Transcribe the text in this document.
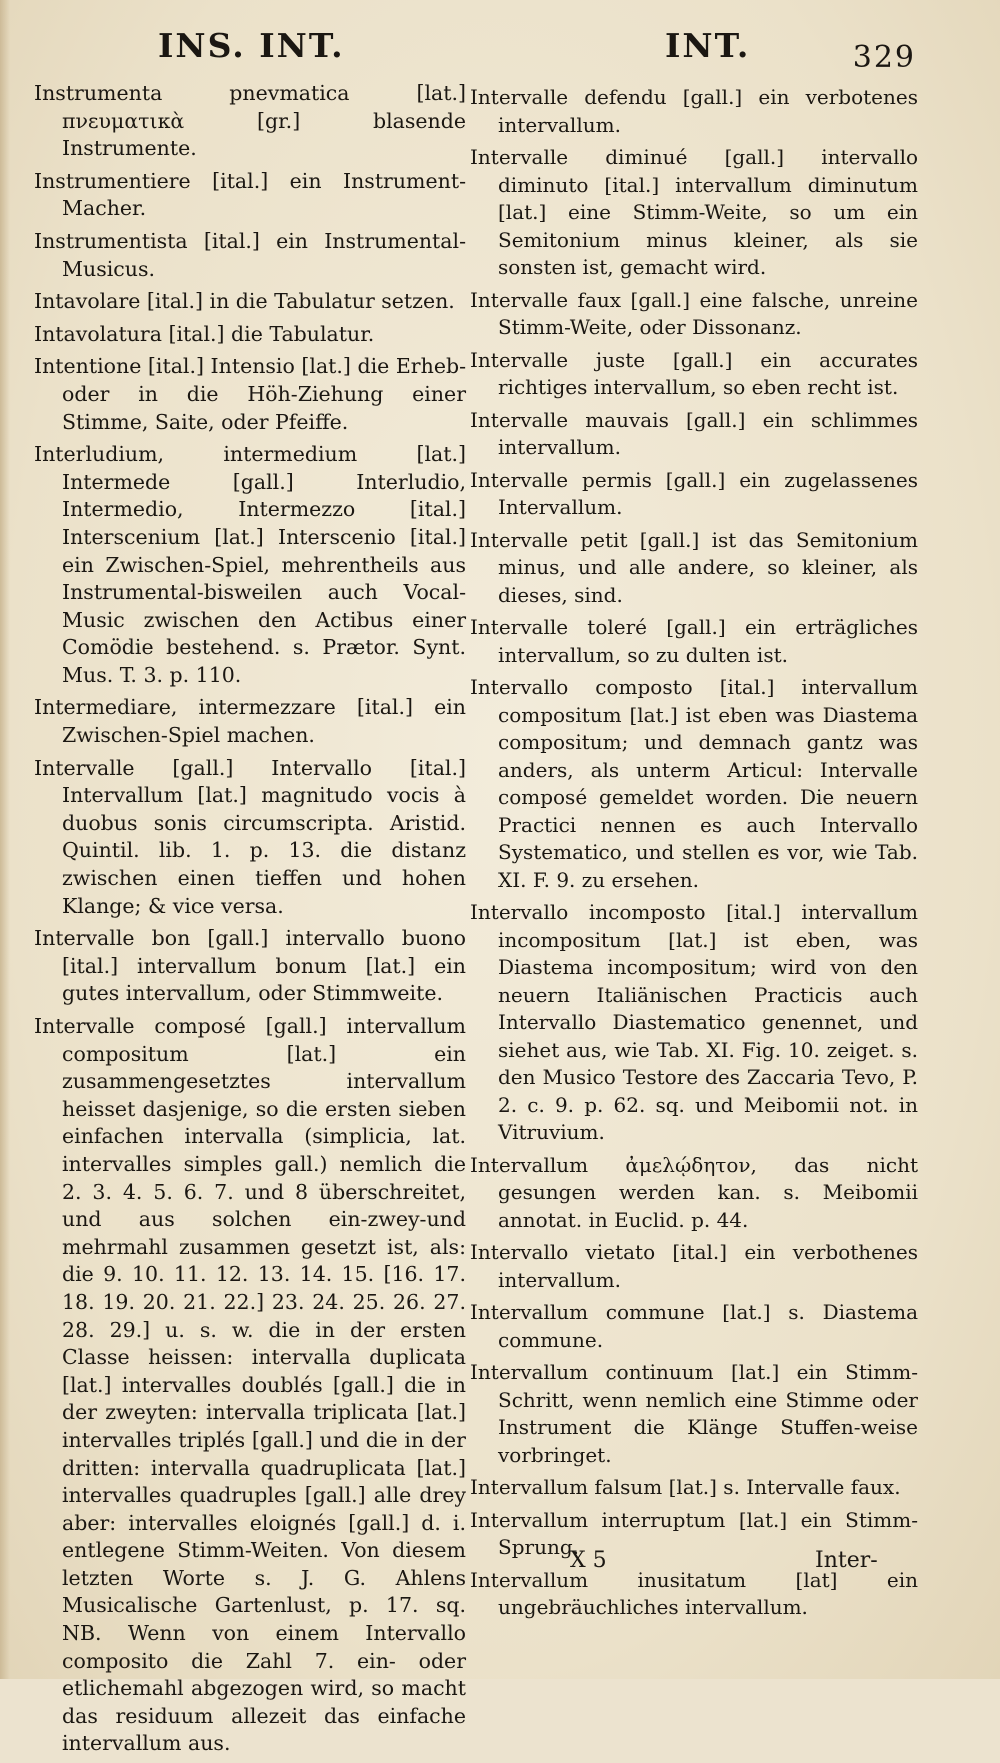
INS. INT.	INT.	329

Instrumenta pnevmatica [lat.] πνευματικὰ [gr.] blasende Instrumente.

Instrumentiere [ital.] ein Instrument-Macher.

Instrumentista [ital.] ein Instrumental-Musicus.

Intavolare [ital.] in die Tabulatur setzen.

Intavolatura [ital.] die Tabulatur.

Intentione [ital.] Intensio [lat.] die Erheb-oder in die Höh-Ziehung einer Stimme, Saite, oder Pfeiffe.

Interludium, intermedium [lat.] Intermede [gall.] Interludio, Intermedio, Intermezzo [ital.] Interscenium [lat.] Interscenio [ital.] ein Zwischen-Spiel, mehrentheils aus Instrumental-bisweilen auch Vocal-Music zwischen den Actibus einer Comödie bestehend. s. Prætor. Synt. Mus. T. 3. p. 110.

Intermediare, intermezzare [ital.] ein Zwischen-Spiel machen.

Intervalle [gall.] Intervallo [ital.] Intervallum [lat.] magnitudo vocis à duobus sonis circumscripta. Aristid. Quintil. lib. 1. p. 13. die distanz zwischen einen tieffen und hohen Klange; & vice versa.

Intervalle bon [gall.] intervallo buono [ital.] intervallum bonum [lat.] ein gutes intervallum, oder Stimmweite.

Intervalle composé [gall.] intervallum compositum [lat.] ein zusammengesetztes intervallum heisset dasjenige, so die ersten sieben einfachen intervalla (simplicia, lat. intervalles simples gall.) nemlich die 2. 3. 4. 5. 6. 7. und 8 überschreitet, und aus solchen ein-zwey-und mehrmahl zusammen gesetzt ist, als: die 9. 10. 11. 12. 13. 14. 15. [16. 17. 18. 19. 20. 21. 22.] 23. 24. 25. 26. 27. 28. 29.] u. s. w. die in der ersten Classe heissen: intervalla duplicata [lat.] intervalles doublés [gall.] die in der zweyten: intervalla triplicata [lat.] intervalles triplés [gall.] und die in der dritten: intervalla quadruplicata [lat.] intervalles quadruples [gall.] alle drey aber: intervalles eloignés [gall.] d. i. entlegene Stimm-Weiten. Von diesem letzten Worte s. J. G. Ahlens Musicalische Gartenlust, p. 17. sq. NB. Wenn von einem Intervallo composito die Zahl 7. ein- oder etlichemahl abgezogen wird, so macht das residuum allezeit das einfache intervallum aus.

Intervalle defendu [gall.] ein verbotenes intervallum.

Intervalle diminué [gall.] intervallo diminuto [ital.] intervallum diminutum [lat.] eine Stimm-Weite, so um ein Semitonium minus kleiner, als sie sonsten ist, gemacht wird.

Intervalle faux [gall.] eine falsche, unreine Stimm-Weite, oder Dissonanz.

Intervalle juste [gall.] ein accurates richtiges intervallum, so eben recht ist.

Intervalle mauvais [gall.] ein schlimmes intervallum.

Intervalle permis [gall.] ein zugelassenes Intervallum.

Intervalle petit [gall.] ist das Semitonium minus, und alle andere, so kleiner, als dieses, sind.

Intervalle toleré [gall.] ein erträgliches intervallum, so zu dulten ist.

Intervallo composto [ital.] intervallum compositum [lat.] ist eben was Diastema compositum; und demnach gantz was anders, als unterm Articul: Intervalle composé gemeldet worden. Die neuern Practici nennen es auch Intervallo Systematico, und stellen es vor, wie Tab. XI. F. 9. zu ersehen.

Intervallo incomposto [ital.] intervallum incompositum [lat.] ist eben, was Diastema incompositum; wird von den neuern Italiänischen Practicis auch Intervallo Diastematico genennet, und siehet aus, wie Tab. XI. Fig. 10. zeiget. s. den Musico Testore des Zaccaria Tevo, P. 2. c. 9. p. 62. sq. und Meibomii not. in Vitruvium.

Intervallum ἀμελῴδητον, das nicht gesungen werden kan. s. Meibomii annotat. in Euclid. p. 44.

Intervallo vietato [ital.] ein verbothenes intervallum.

Intervallum commune [lat.] s. Diastema commune.

Intervallum continuum [lat.] ein Stimm-Schritt, wenn nemlich eine Stimme oder Instrument die Klänge Stuffen-weise vorbringet.

Intervallum falsum [lat.] s. Intervalle faux.

Intervallum interruptum [lat.] ein Stimm-Sprung.

Intervallum inusitatum [lat] ein ungebräuchliches intervallum.

X 5	Inter-
